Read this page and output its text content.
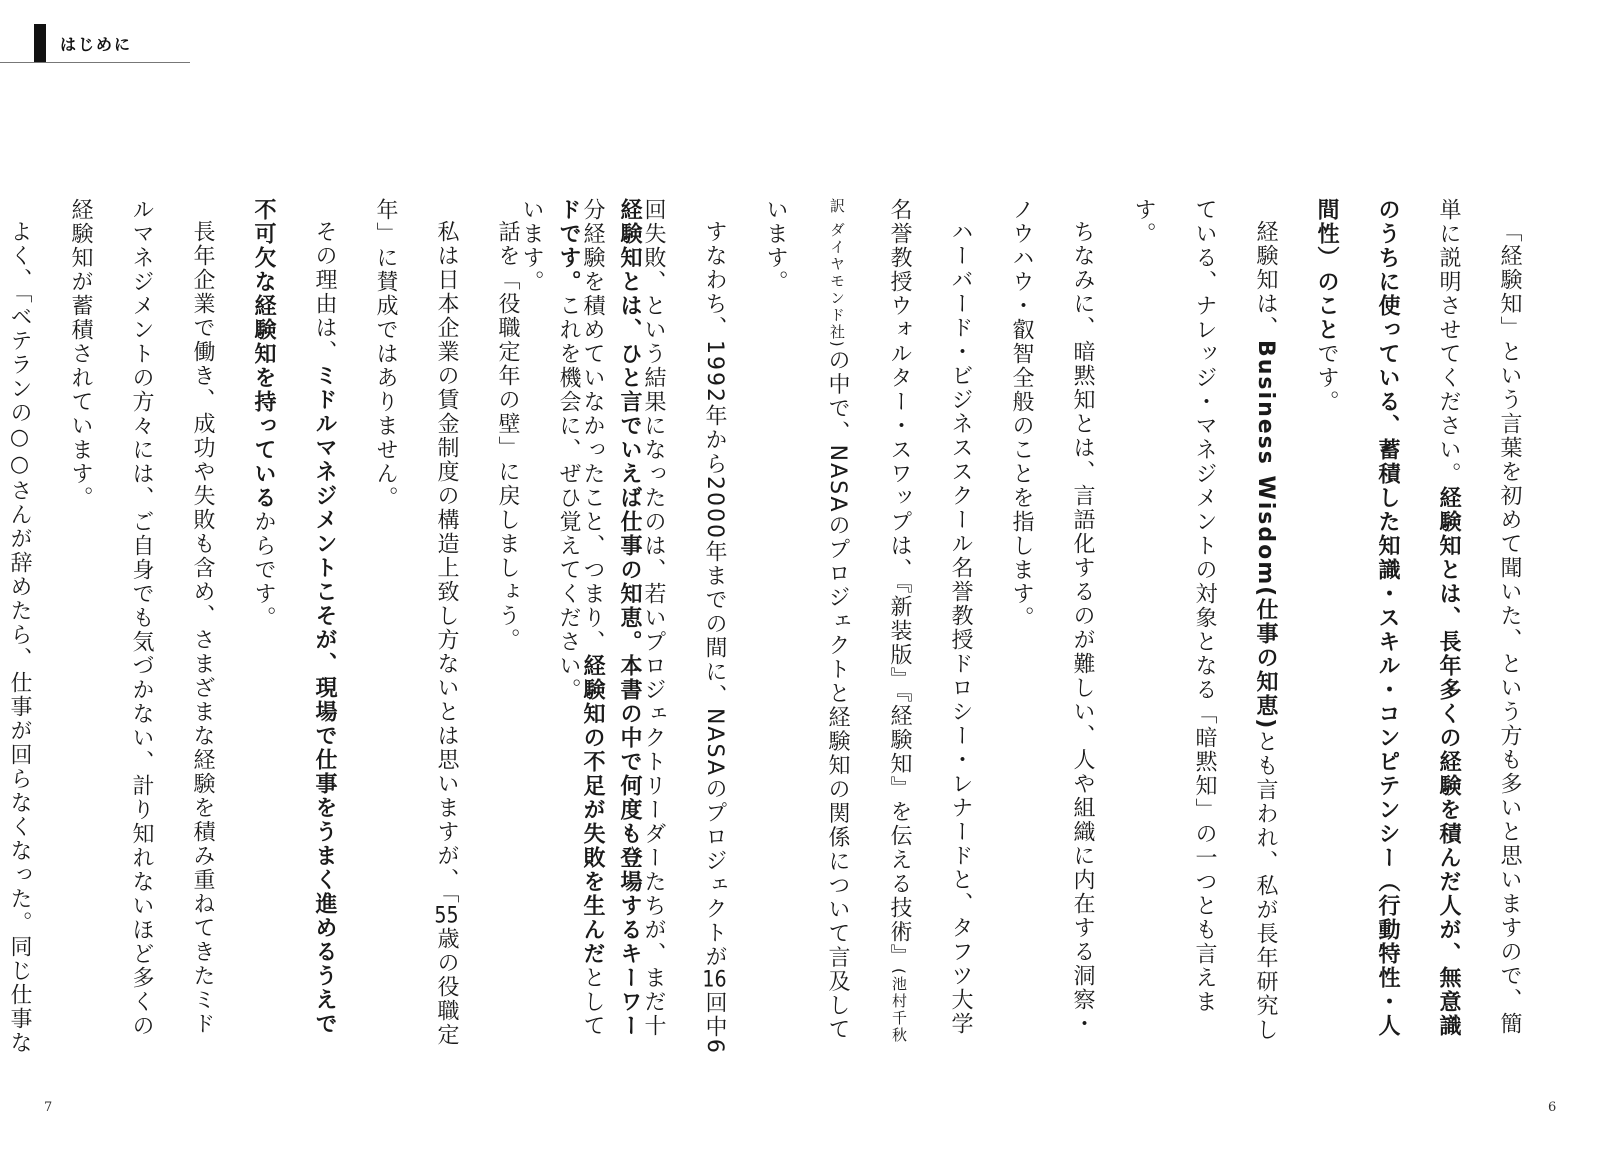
はじめに

「経験知」という言葉を初めて聞いた、という方も多いと思いますので、簡単に説明させてください。経験知とは、長年多くの経験を積んだ人が、無意識のうちに使っている、蓄積した知識・スキル・コンピテンシー（行動特性・人間性）のことです。

経験知は、Business Wisdom(仕事の知恵)とも言われ、私が長年研究している、ナレッジ・マネジメントの対象となる「暗黙知」の一つとも言えます。

ちなみに、暗黙知とは、言語化するのが難しい、人や組織に内在する洞察・ノウハウ・叡智全般のことを指します。

ハーバード・ビジネススクール名誉教授ドロシー・レナードと、タフツ大学名誉教授ウォルター・スワップは、『新装版』『経験知』を伝える技術』(池村千秋訳 ダイヤモンド社)の中で、NASAのプロジェクトと経験知の関係について言及しています。

すなわち、1992年から2000年までの間に、NASAのプロジェクトが16回中6回失敗、という結果になったのは、若いプロジェクトリーダーたちが、まだ十分経験を積めていなかったこと、つまり、経験知の不足が失敗を生んだとしています。	経験知とは、ひと言でいえば仕事の知恵。本書の中で何度も登場するキーワードです。これを機会に、ぜひ覚えてください。

話を「役職定年の壁」に戻しましょう。

私は日本企業の賃金制度の構造上致し方ないとは思いますが、「55歳の役職定年」に賛成ではありません。

その理由は、ミドルマネジメントこそが、現場で仕事をうまく進めるうえで不可欠な経験知を持っているからです。

長年企業で働き、成功や失敗も含め、さまざまな経験を積み重ねてきたミドルマネジメントの方々には、ご自身でも気づかない、計り知れないほど多くの経験知が蓄積されています。

よく、「ベテランの○○さんが辞めたら、仕事が回らなくなった。同じ仕事な

7	6
